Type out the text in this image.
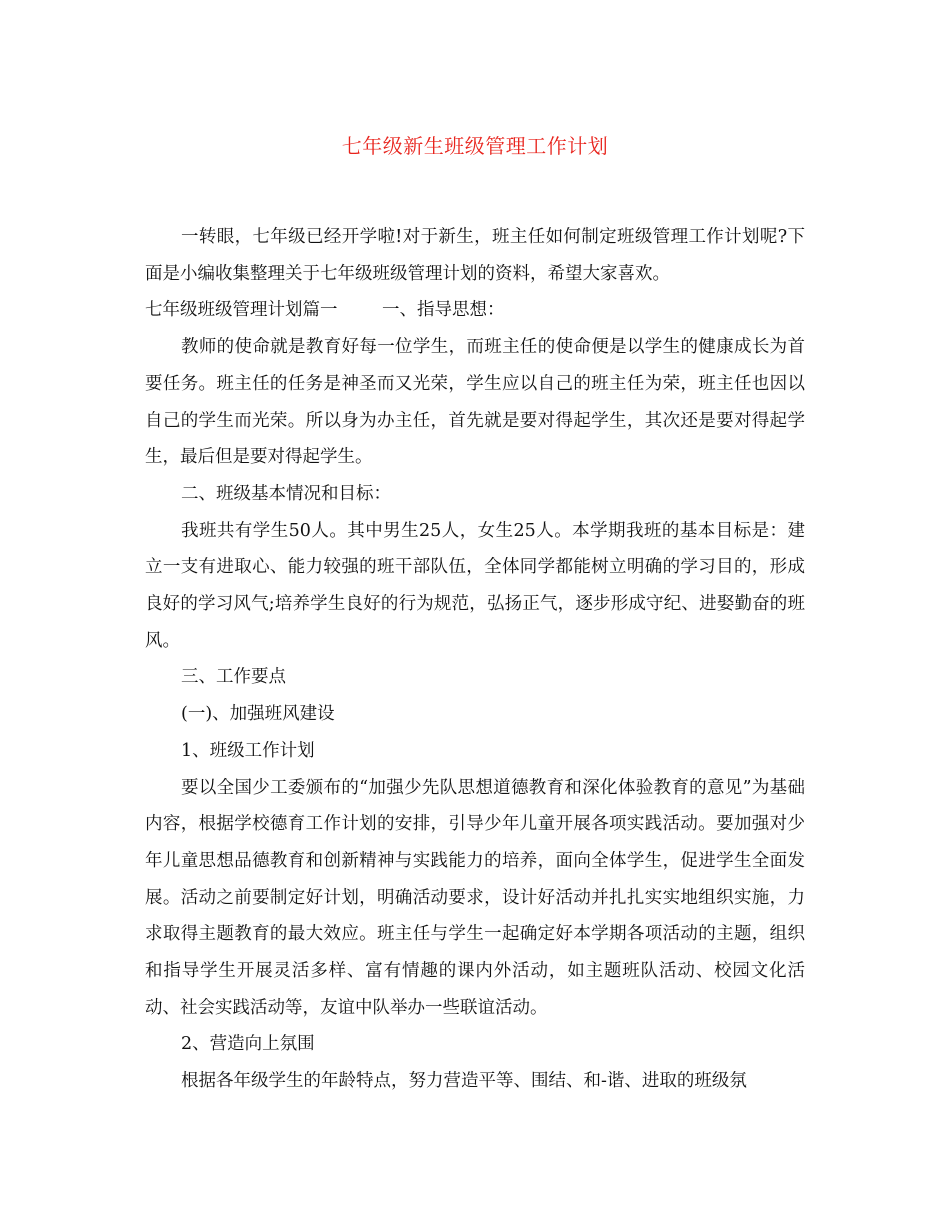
七年级新生班级管理工作计划

一转眼，七年级已经开学啦!对于新生，班主任如何制定班级管理工作计划呢?下面是小编收集整理关于七年级班级管理计划的资料，希望大家喜欢。

七年级班级管理计划篇一        一、指导思想：

教师的使命就是教育好每一位学生，而班主任的使命便是以学生的健康成长为首要任务。班主任的任务是神圣而又光荣，学生应以自己的班主任为荣，班主任也因以自己的学生而光荣。所以身为办主任，首先就是要对得起学生，其次还是要对得起学生，最后但是要对得起学生。

二、班级基本情况和目标：

我班共有学生50人。其中男生25人，女生25人。本学期我班的基本目标是：建立一支有进取心、能力较强的班干部队伍，全体同学都能树立明确的学习目的，形成良好的学习风气;培养学生良好的行为规范，弘扬正气，逐步形成守纪、进娶勤奋的班风。

三、工作要点

(一)、加强班风建设

1、班级工作计划

要以全国少工委颁布的“加强少先队思想道德教育和深化体验教育的意见”为基础内容，根据学校德育工作计划的安排，引导少年儿童开展各项实践活动。要加强对少年儿童思想品德教育和创新精神与实践能力的培养，面向全体学生，促进学生全面发展。活动之前要制定好计划，明确活动要求，设计好活动并扎扎实实地组织实施，力求取得主题教育的最大效应。班主任与学生一起确定好本学期各项活动的主题，组织和指导学生开展灵活多样、富有情趣的课内外活动，如主题班队活动、校园文化活动、社会实践活动等，友谊中队举办一些联谊活动。

2、营造向上氛围

根据各年级学生的年龄特点，努力营造平等、围结、和-谐、进取的班级氛
